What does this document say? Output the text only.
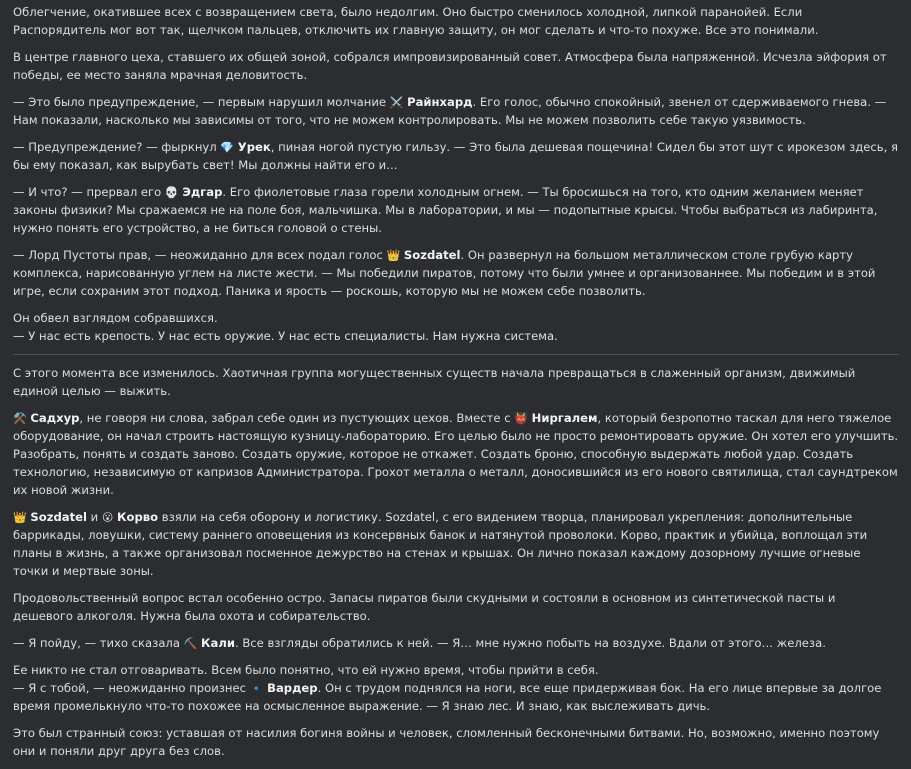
Облегчение, окатившее всех с возвращением света, было недолгим. Оно быстро сменилось холодной, липкой паранойей. Если Распорядитель мог вот так, щелчком пальцев, отключить их главную защиту, он мог сделать и что-то похуже. Все это понимали.

В центре главного цеха, ставшего их общей зоной, собрался импровизированный совет. Атмосфера была напряженной. Исчезла эйфория от победы, ее место заняла мрачная деловитость.

— Это было предупреждение, — первым нарушил молчание ⚔️ Райнхард. Его голос, обычно спокойный, звенел от сдерживаемого гнева. — Нам показали, насколько мы зависимы от того, что не можем контролировать. Мы не можем позволить себе такую уязвимость.

— Предупреждение? — фыркнул 💎 Урек, пиная ногой пустую гильзу. — Это была дешевая пощечина! Сидел бы этот шут с ирокезом здесь, я бы ему показал, как вырубать свет! Мы должны найти его и…

— И что? — прервал его 💀 Эдгар. Его фиолетовые глаза горели холодным огнем. — Ты бросишься на того, кто одним желанием меняет законы физики? Мы сражаемся не на поле боя, мальчишка. Мы в лаборатории, и мы — подопытные крысы. Чтобы выбраться из лабиринта, нужно понять его устройство, а не биться головой о стены.

— Лорд Пустоты прав, — неожиданно для всех подал голос 👑 Sozdatel. Он развернул на большом металлическом столе грубую карту комплекса, нарисованную углем на листе жести. — Мы победили пиратов, потому что были умнее и организованнее. Мы победим и в этой игре, если сохраним этот подход. Паника и ярость — роскошь, которую мы не можем себе позволить.

Он обвел взглядом собравшихся.
— У нас есть крепость. У нас есть оружие. У нас есть специалисты. Нам нужна система.

С этого момента все изменилось. Хаотичная группа могущественных существ начала превращаться в слаженный организм, движимый единой целью — выжить.

⚒️ Садхур, не говоря ни слова, забрал себе один из пустующих цехов. Вместе с 👹 Ниргалем, который безропотно таскал для него тяжелое оборудование, он начал строить настоящую кузницу-лабораторию. Его целью было не просто ремонтировать оружие. Он хотел его улучшить. Разобрать, понять и создать заново. Создать оружие, которое не откажет. Создать броню, способную выдержать любой удар. Создать технологию, независимую от капризов Администратора. Грохот металла о металл, доносившийся из его нового святилища, стал саундтреком их новой жизни.

👑 Sozdatel и 😮 Корво взяли на себя оборону и логистику. Sozdatel, с его видением творца, планировал укрепления: дополнительные баррикады, ловушки, систему раннего оповещения из консервных банок и натянутой проволоки. Корво, практик и убийца, воплощал эти планы в жизнь, а также организовал посменное дежурство на стенах и крышах. Он лично показал каждому дозорному лучшие огневые точки и мертвые зоны.

Продовольственный вопрос встал особенно остро. Запасы пиратов были скудными и состояли в основном из синтетической пасты и дешевого алкоголя. Нужна была охота и собирательство.

— Я пойду, — тихо сказала ⛏️ Кали. Все взгляды обратились к ней. — Я… мне нужно побыть на воздухе. Вдали от этого… железа.

Ее никто не стал отговаривать. Всем было понятно, что ей нужно время, чтобы прийти в себя.
— Я с тобой, — неожиданно произнес 🔹 Вардер. Он с трудом поднялся на ноги, все еще придерживая бок. На его лице впервые за долгое время промелькнуло что-то похожее на осмысленное выражение. — Я знаю лес. И знаю, как выслеживать дичь.

Это был странный союз: уставшая от насилия богиня войны и человек, сломленный бесконечными битвами. Но, возможно, именно поэтому они и поняли друг друга без слов.
